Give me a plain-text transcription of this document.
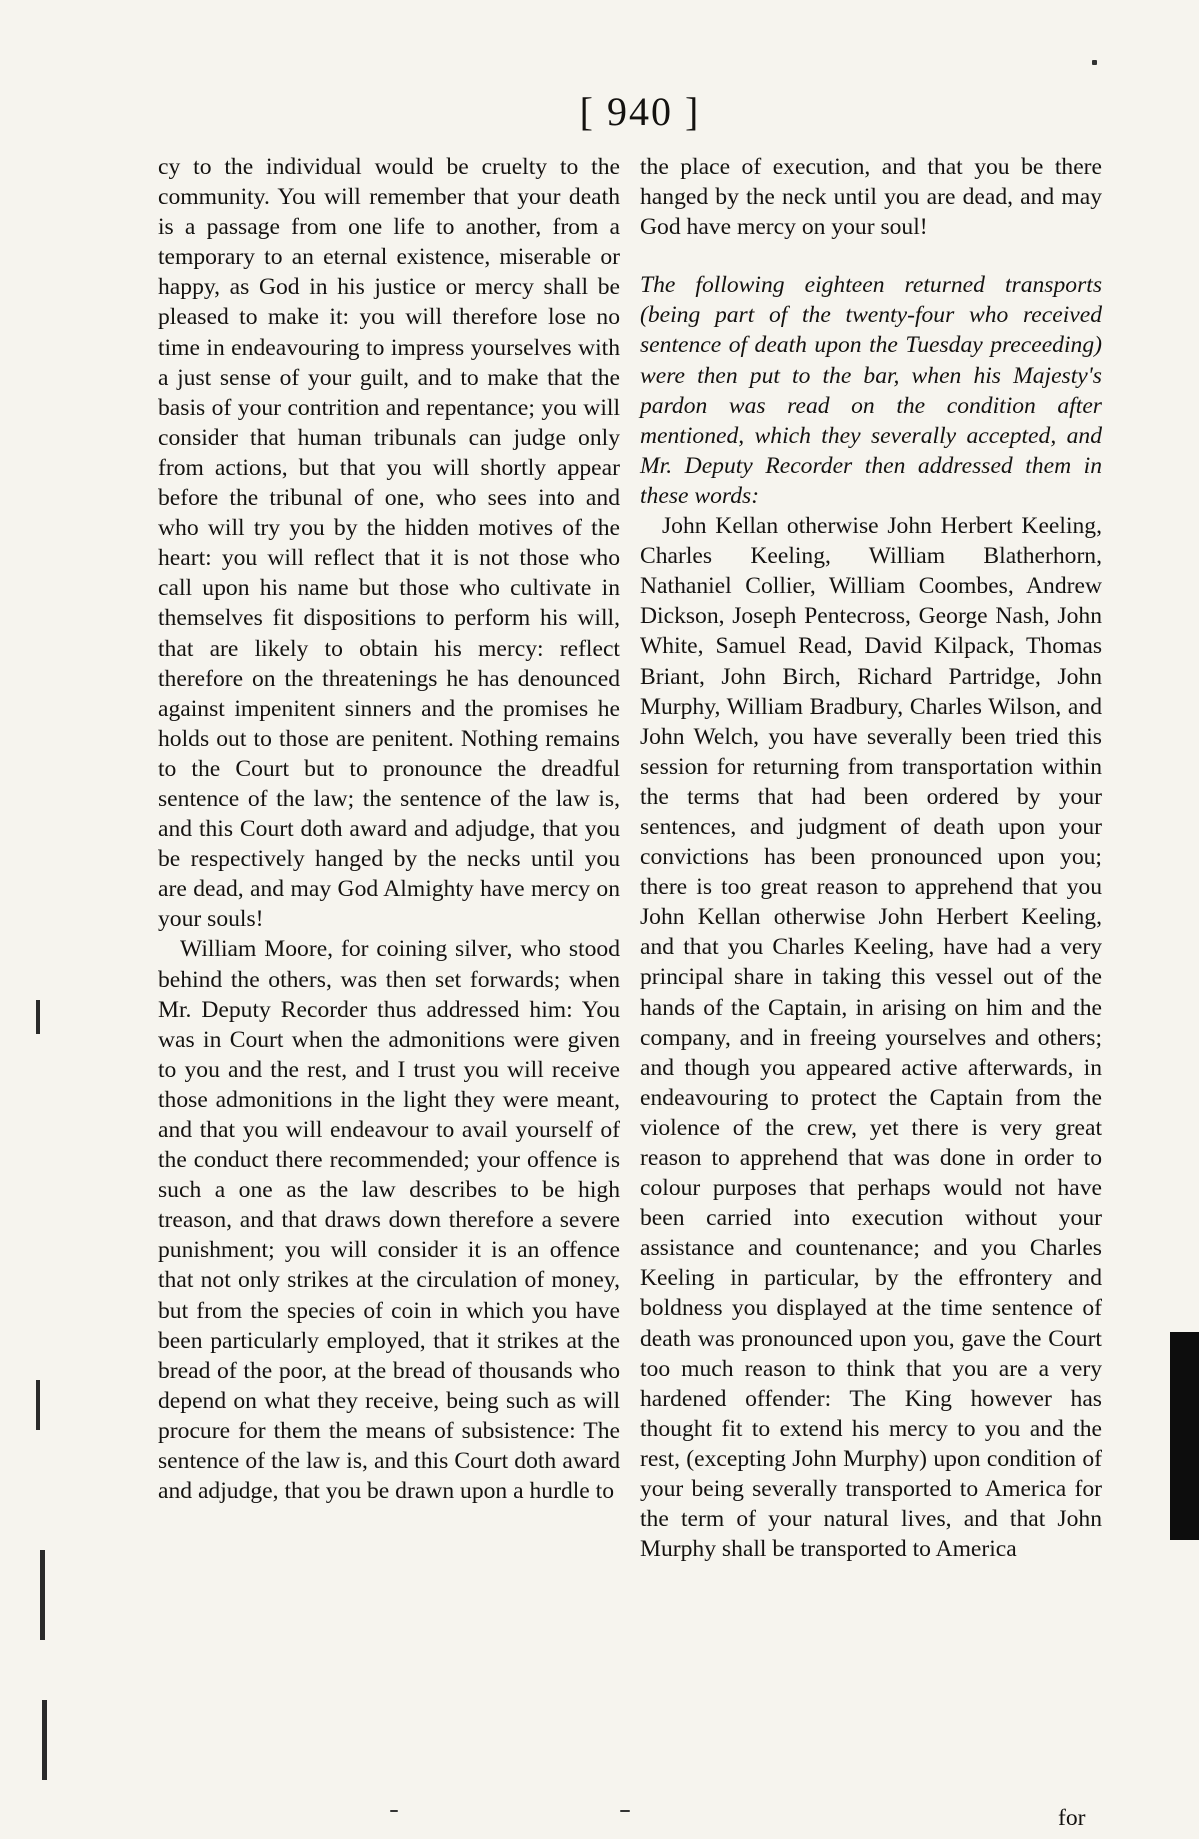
[ 940 ]

cy to the individual would be cruelty to the community. You will remember that your death is a passage from one life to another, from a temporary to an eternal existence, miserable or happy, as God in his justice or mercy shall be pleased to make it: you will therefore lose no time in endeavouring to impress yourselves with a just sense of your guilt, and to make that the basis of your contrition and repentance; you will consider that human tribunals can judge only from actions, but that you will shortly appear before the tribunal of one, who sees into and who will try you by the hidden motives of the heart: you will reflect that it is not those who call upon his name but those who cultivate in themselves fit dispositions to perform his will, that are likely to obtain his mercy: reflect therefore on the threatenings he has denounced against impenitent sinners and the promises he holds out to those are penitent. Nothing remains to the Court but to pronounce the dreadful sentence of the law; the sentence of the law is, and this Court doth award and adjudge, that you be respectively hanged by the necks until you are dead, and may God Almighty have mercy on your souls!

William Moore, for coining silver, who stood behind the others, was then set forwards; when Mr. Deputy Recorder thus addressed him: You was in Court when the admonitions were given to you and the rest, and I trust you will receive those admonitions in the light they were meant, and that you will endeavour to avail yourself of the conduct there recommended; your offence is such a one as the law describes to be high treason, and that draws down therefore a severe punishment; you will consider it is an offence that not only strikes at the circulation of money, but from the species of coin in which you have been particularly employed, that it strikes at the bread of the poor, at the bread of thousands who depend on what they receive, being such as will procure for them the means of subsistence: The sentence of the law is, and this Court doth award and adjudge, that you be drawn upon a hurdle to

the place of execution, and that you be there hanged by the neck until you are dead, and may God have mercy on your soul!

The following eighteen returned transports (being part of the twenty-four who received sentence of death upon the Tuesday preceeding) were then put to the bar, when his Majesty's pardon was read on the condition after mentioned, which they severally accepted, and Mr. Deputy Recorder then addressed them in these words:

John Kellan otherwise John Herbert Keeling, Charles Keeling, William Blatherhorn, Nathaniel Collier, William Coombes, Andrew Dickson, Joseph Pentecross, George Nash, John White, Samuel Read, David Kilpack, Thomas Briant, John Birch, Richard Partridge, John Murphy, William Bradbury, Charles Wilson, and John Welch, you have severally been tried this session for returning from transportation within the terms that had been ordered by your sentences, and judgment of death upon your convictions has been pronounced upon you; there is too great reason to apprehend that you John Kellan otherwise John Herbert Keeling, and that you Charles Keeling, have had a very principal share in taking this vessel out of the hands of the Captain, in arising on him and the company, and in freeing yourselves and others; and though you appeared active afterwards, in endeavouring to protect the Captain from the violence of the crew, yet there is very great reason to apprehend that was done in order to colour purposes that perhaps would not have been carried into execution without your assistance and countenance; and you Charles Keeling in particular, by the effrontery and boldness you displayed at the time sentence of death was pronounced upon you, gave the Court too much reason to think that you are a very hardened offender: The King however has thought fit to extend his mercy to you and the rest, (excepting John Murphy) upon condition of your being severally transported to America for the term of your natural lives, and that John Murphy shall be transported to America

for
